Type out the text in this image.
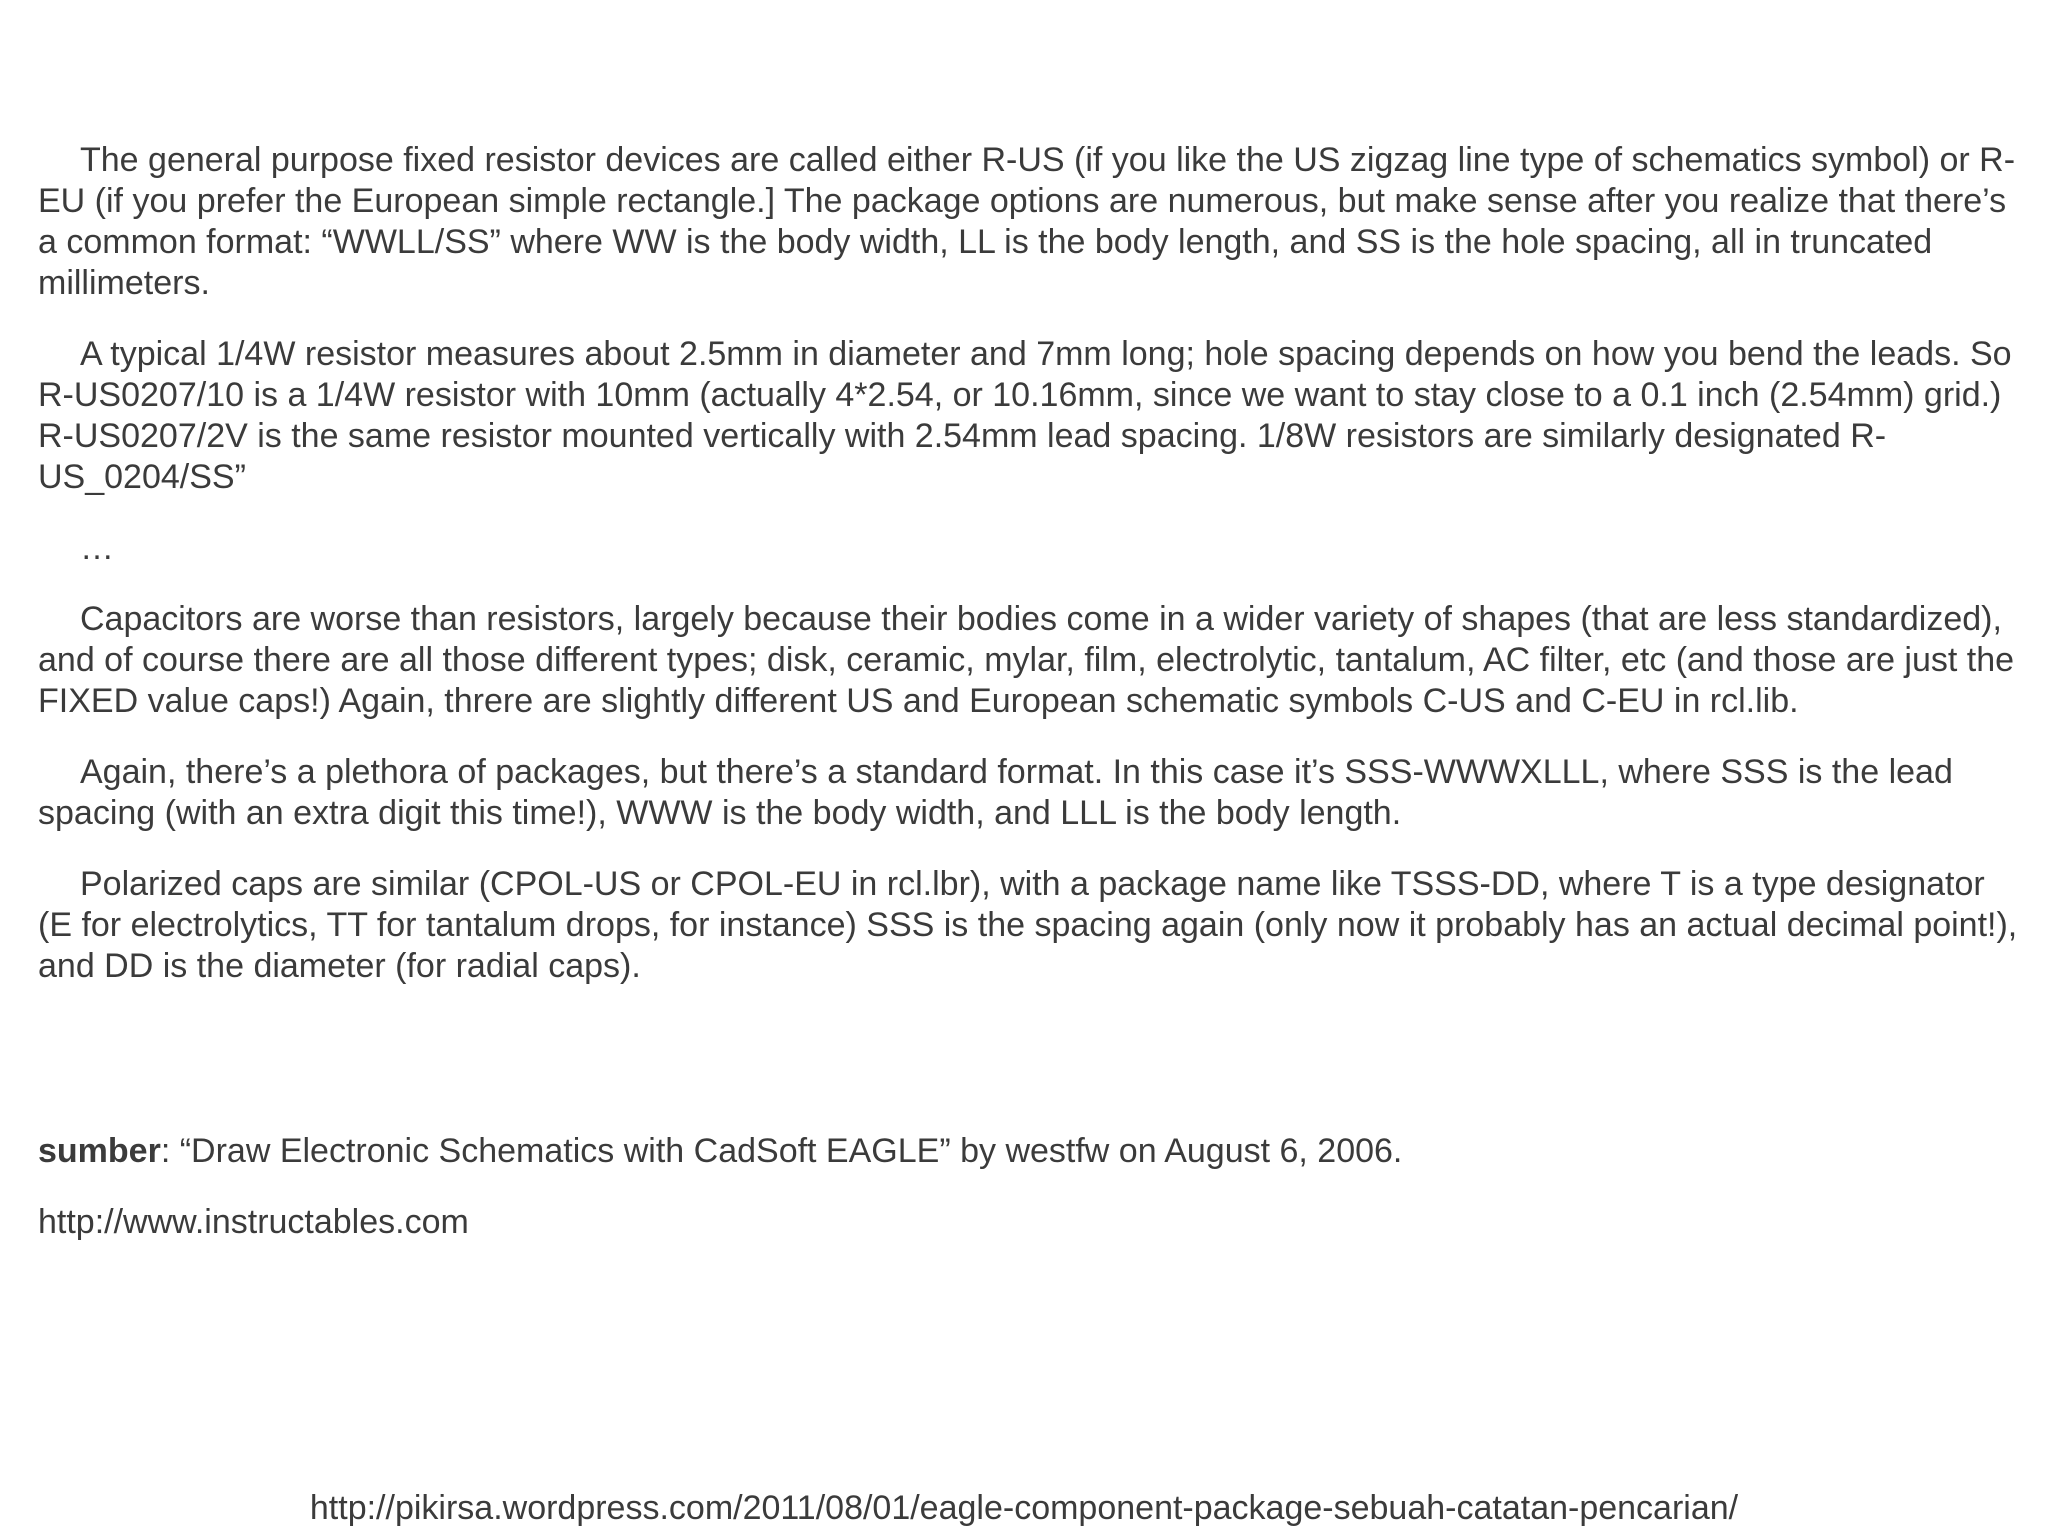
The general purpose fixed resistor devices are called either R-US (if you like the US zigzag line type of schematics symbol) or R-EU (if you prefer the European simple rectangle.] The package options are numerous, but make sense after you realize that there’s a common format: “WWLL/SS” where WW is the body width, LL is the body length, and SS is the hole spacing, all in truncated millimeters.

A typical 1/4W resistor measures about 2.5mm in diameter and 7mm long; hole spacing depends on how you bend the leads. So R-US0207/10 is a 1/4W resistor with 10mm (actually 4*2.54, or 10.16mm, since we want to stay close to a 0.1 inch (2.54mm) grid.) R-US0207/2V is the same resistor mounted vertically with 2.54mm lead spacing. 1/8W resistors are similarly designated R-US_0204/SS”

…

Capacitors are worse than resistors, largely because their bodies come in a wider variety of shapes (that are less standardized), and of course there are all those different types; disk, ceramic, mylar, film, electrolytic, tantalum, AC filter, etc (and those are just the FIXED value caps!) Again, threre are slightly different US and European schematic symbols C-US and C-EU in rcl.lib.

Again, there’s a plethora of packages, but there’s a standard format. In this case it’s SSS-WWWXLLL, where SSS is the lead spacing (with an extra digit this time!), WWW is the body width, and LLL is the body length.

Polarized caps are similar (CPOL-US or CPOL-EU in rcl.lbr), with a package name like TSSS-DD, where T is a type designator (E for electrolytics, TT for tantalum drops, for instance) SSS is the spacing again (only now it probably has an actual decimal point!), and DD is the diameter (for radial caps).

sumber: “Draw Electronic Schematics with CadSoft EAGLE” by westfw on August 6, 2006.

http://www.instructables.com

http://pikirsa.wordpress.com/2011/08/01/eagle-component-package-sebuah-catatan-pencarian/
